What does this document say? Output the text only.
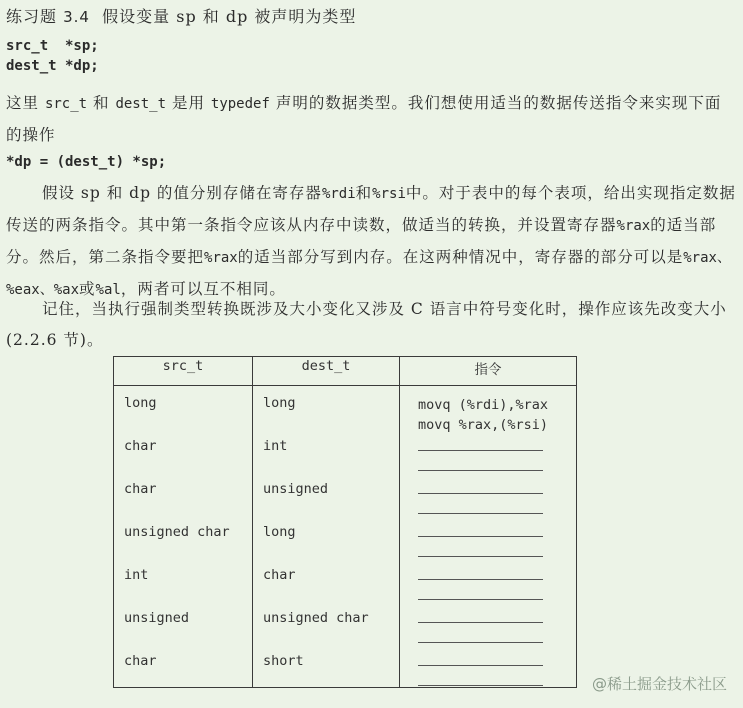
练习题 3.4 假设变量 sp 和 dp 被声明为类型
src_t  *sp;
dest_t *dp;
这里 src_t 和 dest_t 是用 typedef 声明的数据类型。我们想使用适当的数据传送指令来实现下面的操作
*dp = (dest_t) *sp;
假设 sp 和 dp 的值分别存储在寄存器%rdi和%rsi中。对于表中的每个表项，给出实现指定数据传送的两条指令。其中第一条指令应该从内存中读数，做适当的转换，并设置寄存器%rax的适当部分。然后，第二条指令要把%rax的适当部分写到内存。在这两种情况中，寄存器的部分可以是%rax、%eax、%ax或%al，两者可以互不相同。
记住，当执行强制类型转换既涉及大小变化又涉及 C 语言中符号变化时，操作应该先改变大小(2.2.6 节)。
src_t	dest_t	指令

long	long	movq (%rdi),%rax
movq %rax,(%rsi)

char	int	

char	unsigned	

unsigned char	long	

int	char	

unsigned	unsigned char	

char	short	

@稀土掘金技术社区
